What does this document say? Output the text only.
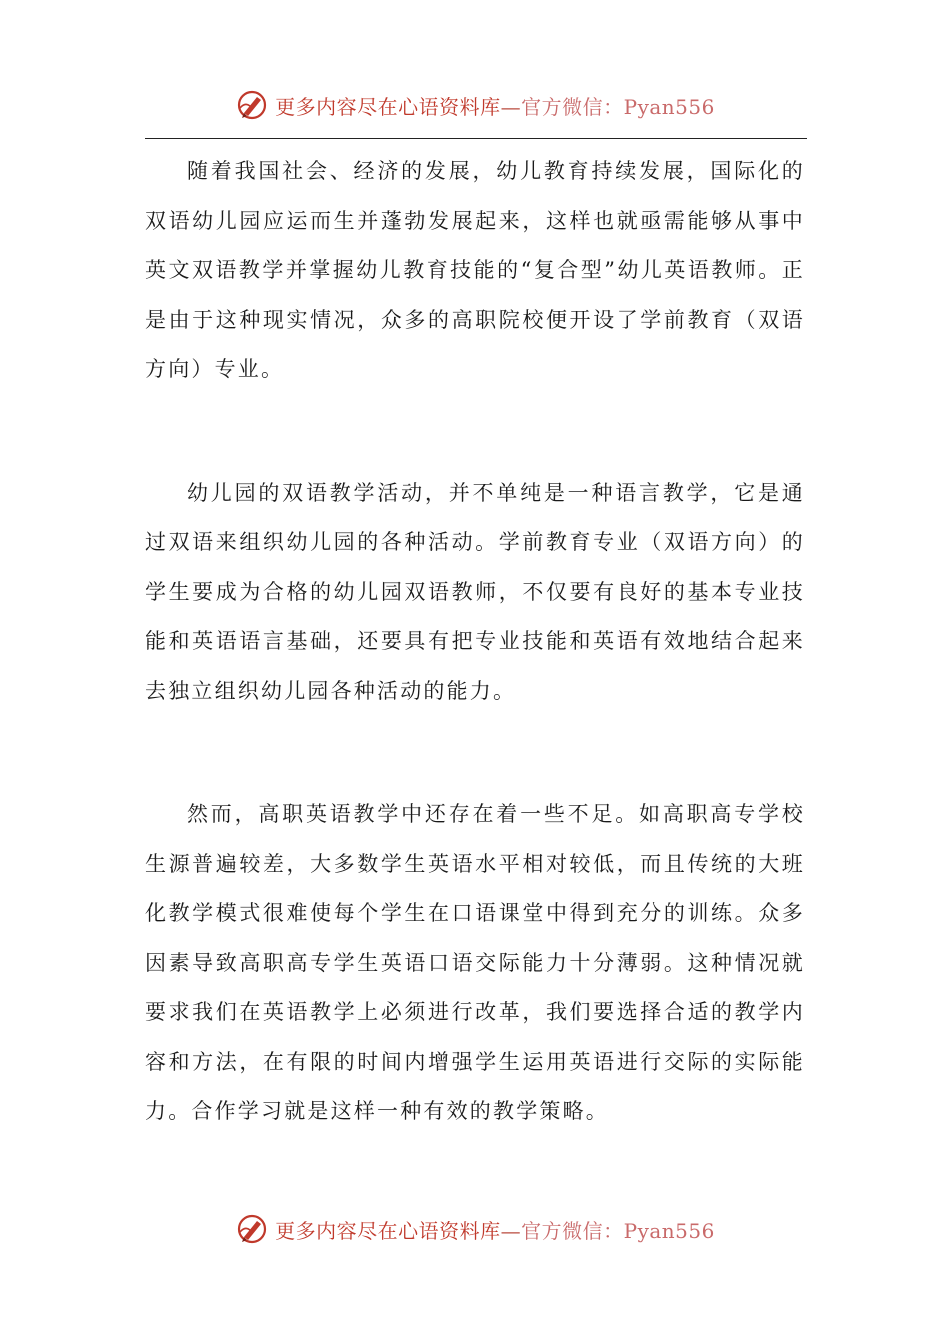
更多内容尽在心语资料库—官方微信：Pyan556

随着我国社会、经济的发展，幼儿教育持续发展，国际化的双语幼儿园应运而生并蓬勃发展起来，这样也就亟需能够从事中英文双语教学并掌握幼儿教育技能的“复合型”幼儿英语教师。正是由于这种现实情况，众多的高职院校便开设了学前教育（双语方向）专业。

幼儿园的双语教学活动，并不单纯是一种语言教学，它是通过双语来组织幼儿园的各种活动。学前教育专业（双语方向）的学生要成为合格的幼儿园双语教师，不仅要有良好的基本专业技能和英语语言基础，还要具有把专业技能和英语有效地结合起来去独立组织幼儿园各种活动的能力。

然而，高职英语教学中还存在着一些不足。如高职高专学校生源普遍较差，大多数学生英语水平相对较低，而且传统的大班化教学模式很难使每个学生在口语课堂中得到充分的训练。众多因素导致高职高专学生英语口语交际能力十分薄弱。这种情况就要求我们在英语教学上必须进行改革，我们要选择合适的教学内容和方法，在有限的时间内增强学生运用英语进行交际的实际能力。合作学习就是这样一种有效的教学策略。

更多内容尽在心语资料库—官方微信：Pyan556
